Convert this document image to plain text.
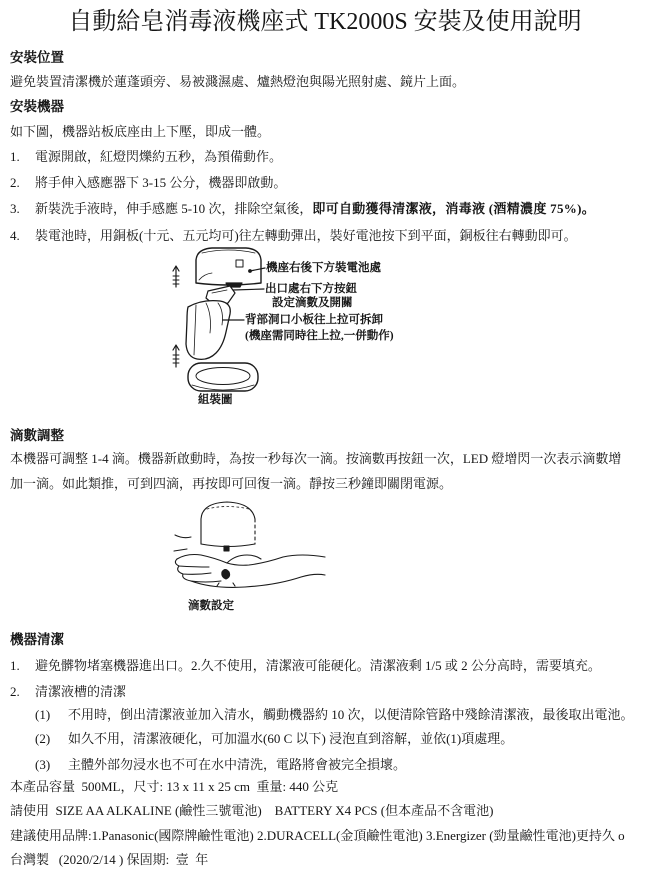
自動給皂消毒液機座式 TK2000S 安裝及使用說明
安裝位置
避免裝置清潔機於蓮蓬頭旁、易被濺濕處、爐熱燈泡與陽光照射處、鏡片上面。
安裝機器
如下圖，機器站板底座由上下壓，即成一體。
1. 電源開啟，紅燈閃爍約五秒，為預備動作。
2. 將手伸入感應器下 3-15 公分，機器即啟動。
3. 新裝洗手液時，伸手感應 5-10 次，排除空氣後，即可自動獲得清潔液，消毒液 (酒精濃度 75%)。
4. 裝電池時，用銅板(十元、五元均可)往左轉動彈出，裝好電池按下到平面，銅板往右轉動即可。
機座右後下方裝電池處
出口處右下方按鈕
設定滴數及開關
背部洞口小板往上拉可拆卸
(機座需同時往上拉,一併動作)
組裝圖
滴數調整
本機器可調整 1-4 滴。機器新啟動時，為按一秒每次一滴。按滴數再按鈕一次，LED 燈增閃一次表示滴數增
加一滴。如此類推，可到四滴，再按即可回復一滴。靜按三秒鐘即關閉電源。
滴數設定
機器清潔
1. 避免髒物堵塞機器進出口。2.久不使用，清潔液可能硬化。清潔液剩 1/5 或 2 公分高時，需要填充。
2. 清潔液槽的清潔
(1) 不用時，倒出清潔液並加入清水，觸動機器約 10 次，以便清除管路中殘餘清潔液，最後取出電池。
(2) 如久不用，清潔液硬化，可加溫水(60 C 以下) 浸泡直到溶解，並依(1)項處理。
(3) 主體外部勿浸水也不可在水中清洗，電路將會被完全損壞。
本產品容量  500ML，尺寸: 13 x 11 x 25 cm  重量: 440 公克
請使用  SIZE AA ALKALINE (鹼性三號電池)    BATTERY X4 PCS (但本產品不含電池)
建議使用品牌:1.Panasonic(國際牌鹼性電池) 2.DURACELL(金頂鹼性電池) 3.Energizer (勁量鹼性電池)更持久 o
台灣製   (2020/2/14 ) 保固期:  壹  年
